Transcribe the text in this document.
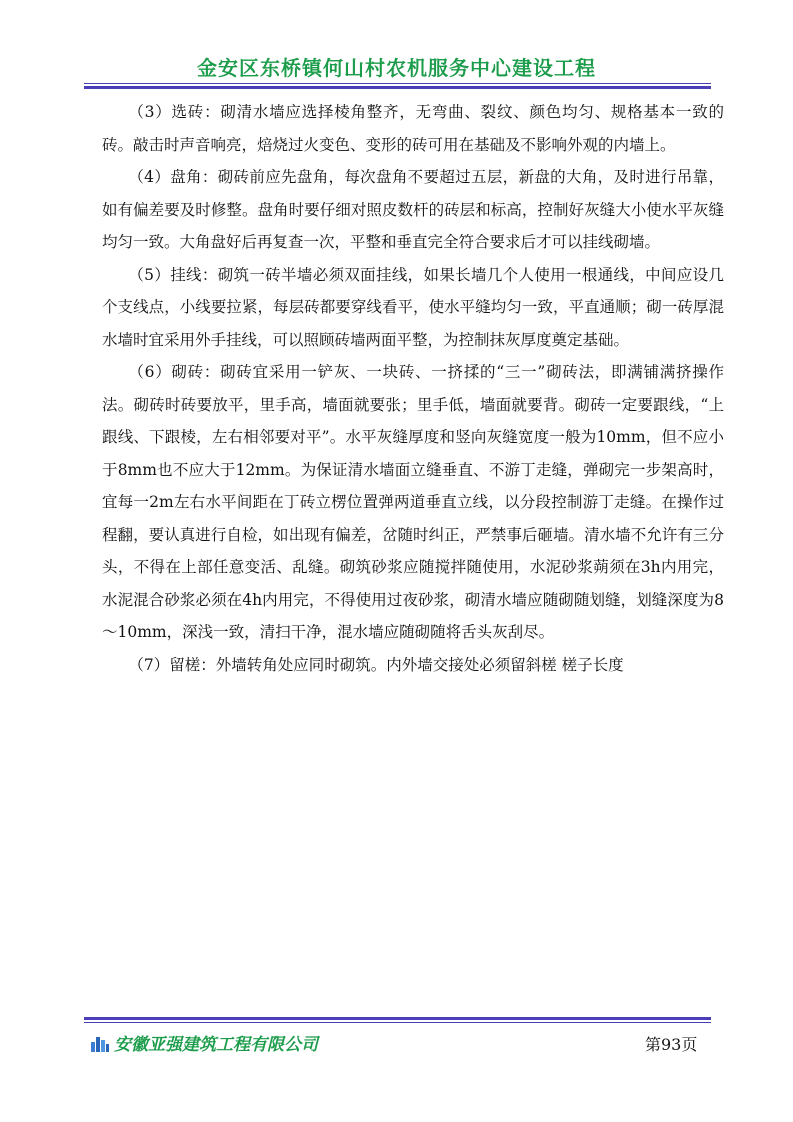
金安区东桥镇何山村农机服务中心建设工程

（3）选砖：砌清水墙应选择棱角整齐，无弯曲、裂纹、颜色均匀、规格基本一致的砖。敲击时声音响亮，焙烧过火变色、变形的砖可用在基础及不影响外观的内墙上。

（4）盘角：砌砖前应先盘角，每次盘角不要超过五层，新盘的大角，及时进行吊靠，如有偏差要及时修整。盘角时要仔细对照皮数杆的砖层和标高，控制好灰缝大小使水平灰缝均匀一致。大角盘好后再复查一次，平整和垂直完全符合要求后才可以挂线砌墙。

（5）挂线：砌筑一砖半墙必须双面挂线，如果长墙几个人使用一根通线，中间应设几个支线点，小线要拉紧，每层砖都要穿线看平，使水平缝均匀一致，平直通顺；砌一砖厚混水墙时宜采用外手挂线，可以照顾砖墙两面平整，为控制抹灰厚度奠定基础。

（6）砌砖：砌砖宜采用一铲灰、一块砖、一挤揉的“三一”砌砖法，即满铺满挤操作法。砌砖时砖要放平，里手高，墙面就要张；里手低，墙面就要背。砌砖一定要跟线，“上跟线、下跟棱，左右相邻要对平”。水平灰缝厚度和竖向灰缝宽度一般为10mm，但不应小于8mm也不应大于12mm。为保证清水墙面立缝垂直、不游丁走缝，弹砌完一步架高时，宜每一2m左右水平间距在丁砖立楞位置弹两道垂直立线，以分段控制游丁走缝。在操作过程翻，要认真进行自检，如出现有偏差，岔随时纠正，严禁事后砸墙。清水墙不允许有三分头，不得在上部任意变活、乱缝。砌筑砂浆应随搅拌随使用，水泥砂浆蒴须在3h内用完，水泥混合砂浆必须在4h内用完，不得使用过夜砂浆，砌清水墙应随砌随划缝，划缝深度为8～10mm，深浅一致，清扫干净，混水墙应随砌随将舌头灰刮尽。

（7）留槎：外墙转角处应同时砌筑。内外墙交接处必须留斜槎 槎子长度

安徽亚强建筑工程有限公司	第93页
